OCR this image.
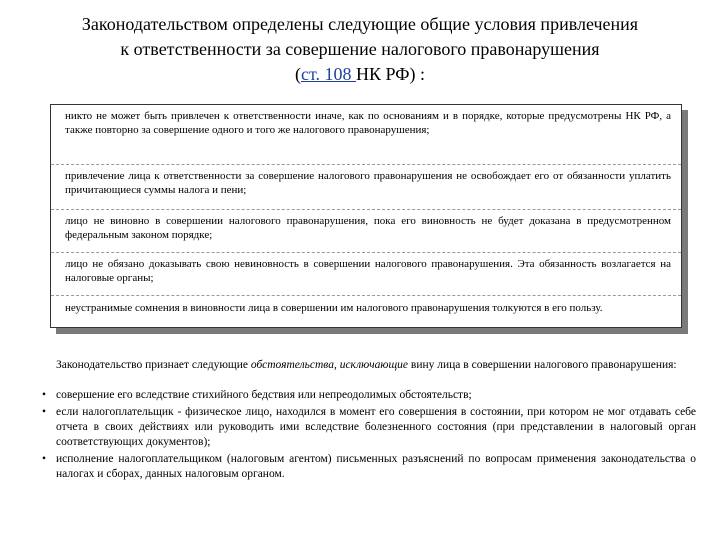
Законодательством определены следующие общие условия привлечения
к ответственности за совершение налогового правонарушения
(ст. 108 НК РФ) :
никто не может быть привлечен к ответственности иначе, как по основаниям и в порядке, которые предусмотрены НК РФ, а также повторно за совершение одного и того же налогового правонарушения;
привлечение лица к ответственности за совершение налогового правонарушения не освобождает его от обязанности уплатить причитающиеся суммы налога и пени;
лицо не виновно в совершении налогового правонарушения, пока его виновность не будет доказана в предусмотренном федеральным законом порядке;
лицо не обязано доказывать свою невиновность в совершении налогового правонарушения. Эта обязанность возлагается на налоговые органы;
неустранимые сомнения в виновности лица в совершении им налогового правонарушения толкуются в его пользу.
Законодательство признает следующие обстоятельства, исключающие вину лица в совершении налогового правонарушения:
• совершение его вследствие стихийного бедствия или непреодолимых обстоятельств;
• если налогоплательщик - физическое лицо, находился в момент его совершения в состоянии, при котором не мог отдавать себе отчета в своих действиях или руководить ими вследствие болезненного состояния (при представлении в налоговый орган соответствующих документов);
• исполнение налогоплательщиком (налоговым агентом) письменных разъяснений по вопросам применения законодательства о налогах и сборах, данных налоговым органом.
